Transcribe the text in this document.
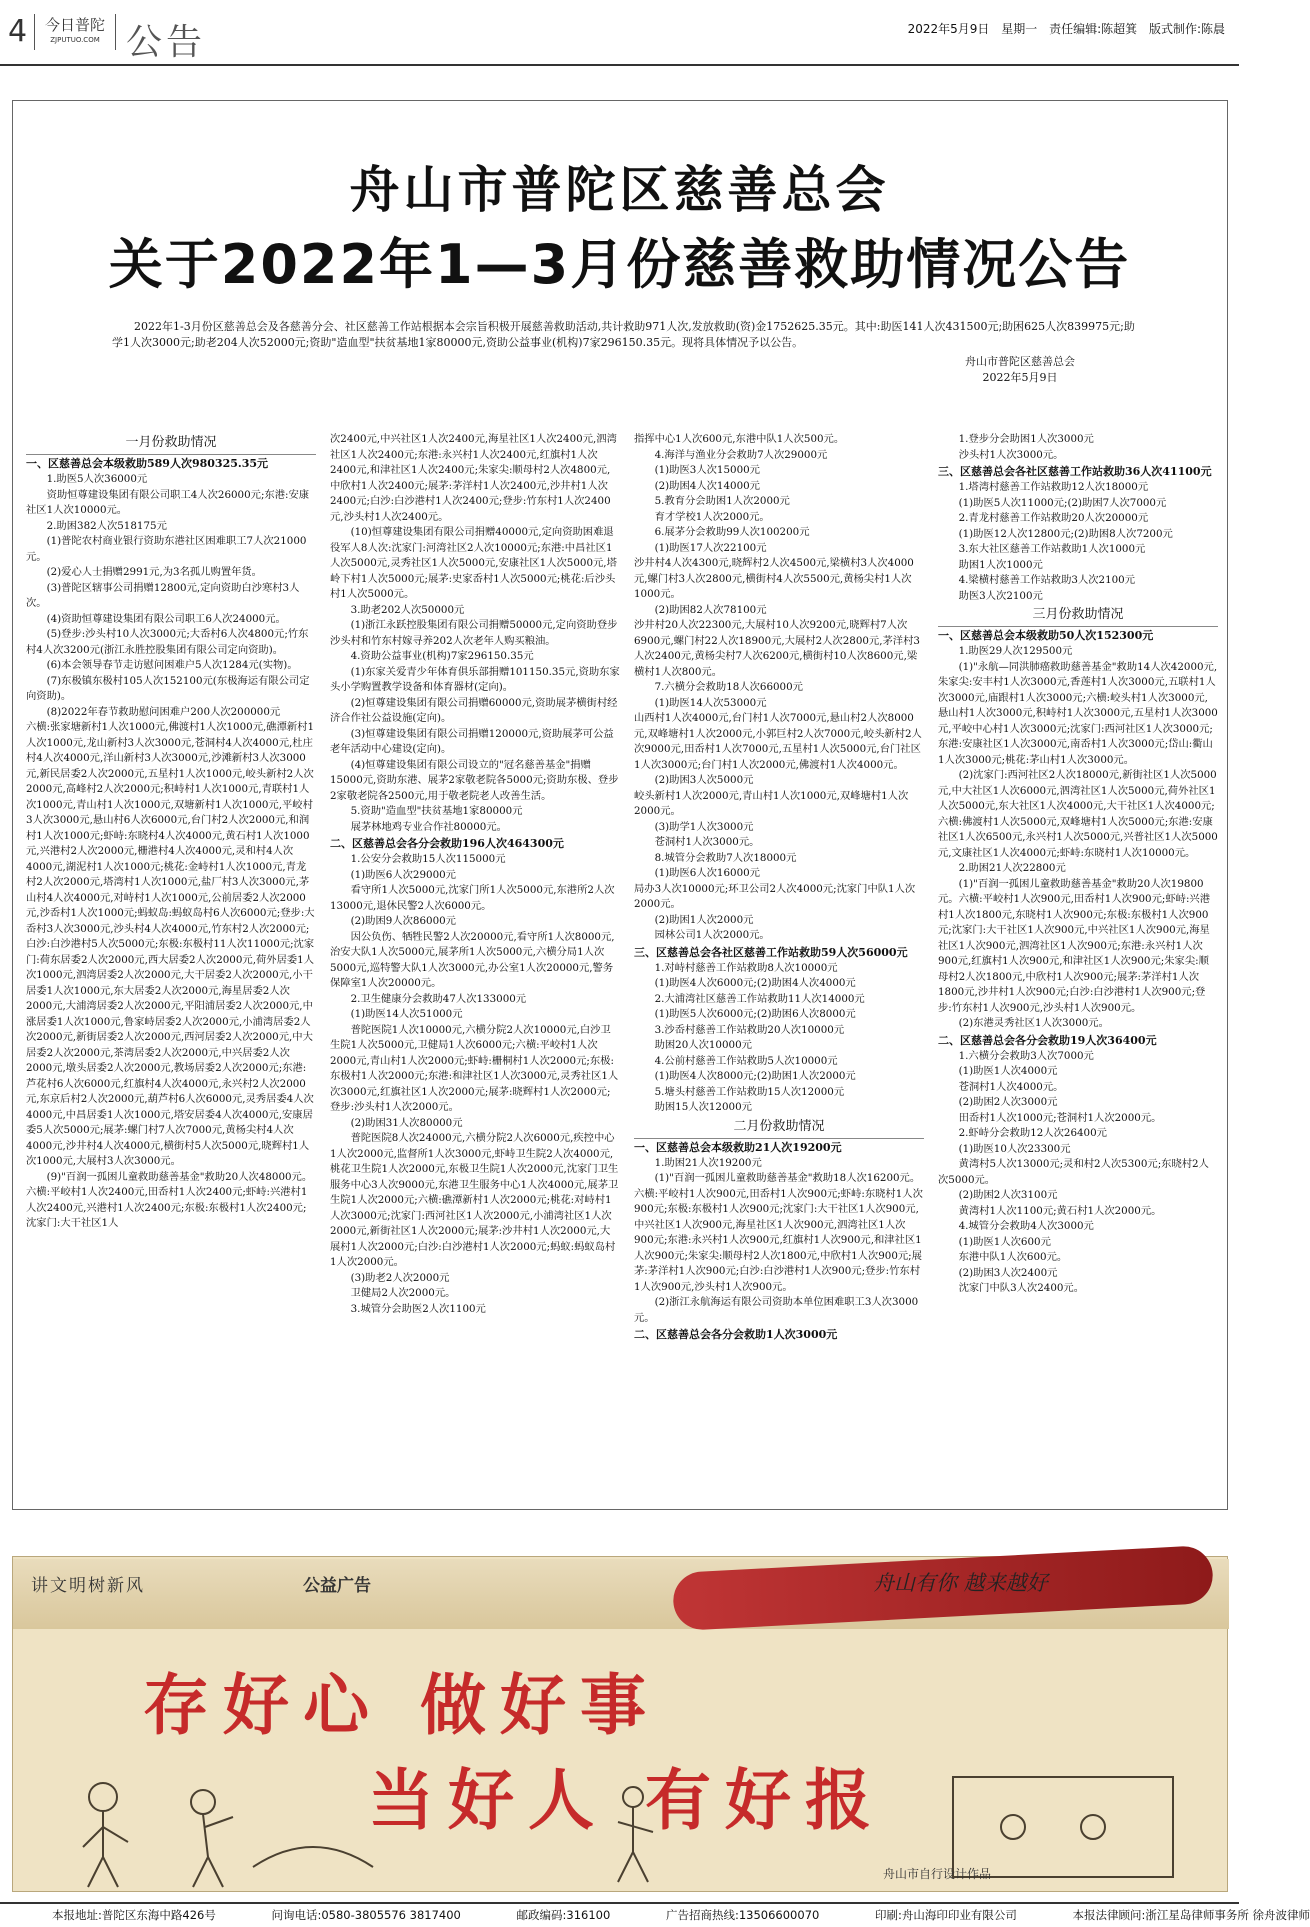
4	今日普陀
ZJPUTUO.COM 公告	2022年5月9日 星期一 责任编辑:陈超箕 版式制作:陈晨
舟山市普陀区慈善总会
关于2022年1—3月份慈善救助情况公告
2022年1-3月份区慈善总会及各慈善分会、社区慈善工作站根据本会宗旨积极开展慈善救助活动,共计救助971人次,发放救助(资)金1752625.35元。其中:助医141人次431500元;助困625人次839975元;助学1人次3000元;助老204人次52000元;资助"造血型"扶贫基地1家80000元,资助公益事业(机构)7家296150.35元。现将具体情况予以公告。
舟山市普陀区慈善总会
2022年5月9日

一月份救助情况

一、区慈善总会本级救助589人次980325.35元

1.助医5人次36000元

资助恒尊建设集团有限公司职工4人次26000元;东港:安康社区1人次10000元。

2.助困382人次518175元

(1)普陀农村商业银行资助东港社区困难职工7人次21000元。

(2)爱心人士捐赠2991元,为3名孤儿购置年货。

(3)普陀区辖事公司捐赠12800元,定向资助白沙寒村3人次。

(4)资助恒尊建设集团有限公司职工6人次24000元。

(5)登步:沙头村10人次3000元;大岙村6人次4800元;竹东村4人次3200元(浙江永胜控股集团有限公司定向资助)。

(6)本会领导春节走访慰问困难户5人次1284元(实物)。

(7)东极镇东极村105人次152100元(东极海运有限公司定向资助)。

(8)2022年春节救助慰问困难户200人次200000元

六横:张家塘新村1人次1000元,佛渡村1人次1000元,礁潭新村1人次1000元,龙山新村3人次3000元,苍洞村4人次4000元,杜庄村4人次4000元,洋山新村3人次3000元,沙滩新村3人次3000元,新民居委2人次2000元,五星村1人次1000元,峧头新村2人次2000元,高峰村2人次2000元;积峙村1人次1000元,青联村1人次1000元,青山村1人次1000元,双塘新村1人次1000元,平峧村3人次3000元,悬山村6人次6000元,台门村2人次2000元,和润村1人次1000元;虾峙:东晓村4人次4000元,黄石村1人次1000元,兴港村2人次2000元,栅港村4人次4000元,灵和村4人次4000元,湖泥村1人次1000元;桃花:金峙村1人次1000元,青龙村2人次2000元,塔湾村1人次1000元,盐厂村3人次3000元,茅山村4人次4000元,对峙村1人次1000元,公前居委2人次2000元,沙岙村1人次1000元;蚂蚁岛:蚂蚁岛村6人次6000元;登步:大岙村3人次3000元,沙头村4人次4000元,竹东村2人次2000元;白沙:白沙港村5人次5000元;东极:东极村11人次11000元;沈家门:荷东居委2人次2000元,西大居委2人次2000元,荷外居委1人次1000元,泗湾居委2人次2000元,大干居委2人次2000元,小干居委1人次1000元,东大居委2人次2000元,海星居委2人次2000元,大浦湾居委2人次2000元,平阳浦居委2人次2000元,中涨居委1人次1000元,鲁家峙居委2人次2000元,小浦湾居委2人次2000元,新街居委2人次2000元,西河居委2人次2000元,中大居委2人次2000元,茶湾居委2人次2000元,中兴居委2人次2000元,墩头居委2人次2000元,教场居委2人次2000元;东港:芦花村6人次6000元,红旗村4人次4000元,永兴村2人次2000元,东京后村2人次2000元,葫芦村6人次6000元,灵秀居委4人次4000元,中昌居委1人次1000元,塔安居委4人次4000元,安康居委5人次5000元;展茅:螺门村7人次7000元,黄杨尖村4人次4000元,沙井村4人次4000元,横街村5人次5000元,晓辉村1人次1000元,大展村3人次3000元。

(9)"百润一孤困儿童救助慈善基金"救助20人次48000元。

六横:平峧村1人次2400元,田岙村1人次2400元;虾峙:兴港村1人次2400元,兴港村1人次2400元;东极:东极村1人次2400元;沈家门:大干社区1人

次2400元,中兴社区1人次2400元,海星社区1人次2400元,泗湾社区1人次2400元;东港:永兴村1人次2400元,红旗村1人次2400元,和津社区1人次2400元;朱家尖:顺母村2人次4800元,中欣村1人次2400元;展茅:茅洋村1人次2400元,沙井村1人次2400元;白沙:白沙港村1人次2400元;登步:竹东村1人次2400元,沙头村1人次2400元。

(10)恒尊建设集团有限公司捐赠40000元,定向资助困难退役军人8人次:沈家门:河湾社区2人次10000元;东港:中昌社区1人次5000元,灵秀社区1人次5000元,安康社区1人次5000元,塔岭下村1人次5000元;展茅:史家岙村1人次5000元;桃花:后沙头村1人次5000元。

3.助老202人次50000元

(1)浙江永跃控股集团有限公司捐赠50000元,定向资助登步沙头村和竹东村嫁寻养202人次老年人购买粮油。

4.资助公益事业(机构)7家296150.35元

(1)东家关爱青少年体育俱乐部捐赠101150.35元,资助东家头小学购置教学设备和体育器材(定向)。

(2)恒尊建设集团有限公司捐赠60000元,资助展茅横街村经济合作社公益设施(定向)。

(3)恒尊建设集团有限公司捐赠120000元,资助展茅可公益老年活动中心建设(定向)。

(4)恒尊建设集团有限公司设立的"冠名慈善基金"捐赠15000元,资助东港、展茅2家敬老院各5000元;资助东极、登步2家敬老院各2500元,用于敬老院老人改善生活。

5.资助"造血型"扶贫基地1家80000元

展茅林地鸡专业合作社80000元。

二、区慈善总会各分会救助196人次464300元

1.公安分会救助15人次115000元

(1)助医6人次29000元

看守所1人次5000元,沈家门所1人次5000元,东港所2人次13000元,退休民警2人次6000元。

(2)助困9人次86000元

因公负伤、牺牲民警2人次20000元,看守所1人次8000元,治安大队1人次5000元,展茅所1人次5000元,六横分局1人次5000元,巡特警大队1人次3000元,办公室1人次20000元,警务保障室1人次20000元。

2.卫生健康分会救助47人次133000元

(1)助医14人次51000元

普陀医院1人次10000元,六横分院2人次10000元,白沙卫生院1人次5000元,卫健局1人次6000元;六横:平峧村1人次2000元,青山村1人次2000元;虾峙:栅桐村1人次2000元;东极:东极村1人次2000元;东港:和津社区1人次3000元,灵秀社区1人次3000元,红旗社区1人次2000元;展茅:晓辉村1人次2000元;登步:沙头村1人次2000元。

(2)助困31人次80000元

普陀医院8人次24000元,六横分院2人次6000元,疾控中心1人次2000元,监督所1人次3000元,虾峙卫生院2人次4000元,桃花卫生院1人次2000元,东极卫生院1人次2000元,沈家门卫生服务中心3人次9000元,东港卫生服务中心1人次4000元,展茅卫生院1人次2000元;六横:礁潭新村1人次2000元;桃花:对峙村1人次3000元;沈家门:西河社区1人次2000元,小浦湾社区1人次2000元,新街社区1人次2000元;展茅:沙井村1人次2000元,大展村1人次2000元;白沙:白沙港村1人次2000元;蚂蚁:蚂蚁岛村1人次2000元。

(3)助老2人次2000元

卫健局2人次2000元。

3.城管分会助医2人次1100元

指挥中心1人次600元,东港中队1人次500元。

4.海洋与渔业分会救助7人次29000元

(1)助医3人次15000元

(2)助困4人次14000元

5.教育分会助困1人次2000元

育才学校1人次2000元。

6.展茅分会救助99人次100200元

(1)助医17人次22100元

沙井村4人次4300元,晓辉村2人次4500元,梁横村3人次4000元,螺门村3人次2800元,横街村4人次5500元,黄杨尖村1人次1000元。

(2)助困82人次78100元

沙井村20人次22300元,大展村10人次9200元,晓辉村7人次6900元,螺门村22人次18900元,大展村2人次2800元,茅洋村3人次2400元,黄杨尖村7人次6200元,横街村10人次8600元,梁横村1人次800元。

7.六横分会救助18人次66000元

(1)助医14人次53000元

山西村1人次4000元,台门村1人次7000元,悬山村2人次8000元,双峰塘村1人次2000元,小郭巨村2人次7000元,峧头新村2人次9000元,田岙村1人次7000元,五星村1人次5000元,台门社区1人次3000元;台门村1人次2000元,佛渡村1人次4000元。

(2)助困3人次5000元

峧头新村1人次2000元,青山村1人次1000元,双峰塘村1人次2000元。

(3)助学1人次3000元

苍洞村1人次3000元。

8.城管分会救助7人次18000元

(1)助医6人次16000元

局办3人次10000元;环卫公司2人次4000元;沈家门中队1人次2000元。

(2)助困1人次2000元

园林公司1人次2000元。

三、区慈善总会各社区慈善工作站救助59人次56000元

1.对峙村慈善工作站救助8人次10000元

(1)助医4人次6000元;(2)助困4人次4000元

2.大浦湾社区慈善工作站救助11人次14000元

(1)助医5人次6000元;(2)助困6人次8000元

3.沙岙村慈善工作站救助20人次10000元

助困20人次10000元

4.公前村慈善工作站救助5人次10000元

(1)助医4人次8000元;(2)助困1人次2000元

5.塘头村慈善工作站救助15人次12000元

助困15人次12000元

二月份救助情况

一、区慈善总会本级救助21人次19200元

1.助困21人次19200元

(1)"百润一孤困儿童救助慈善基金"救助18人次16200元。六横:平峧村1人次900元,田岙村1人次900元;虾峙:东晓村1人次900元;东极:东极村1人次900元;沈家门:大干社区1人次900元,中兴社区1人次900元,海星社区1人次900元,泗湾社区1人次900元;东港:永兴村1人次900元,红旗村1人次900元,和津社区1人次900元;朱家尖:顺母村2人次1800元,中欣村1人次900元;展茅:茅洋村1人次900元;白沙:白沙港村1人次900元;登步:竹东村1人次900元,沙头村1人次900元。

(2)浙江永航海运有限公司资助本单位困难职工3人次3000元。

二、区慈善总会各分会救助1人次3000元

1.登步分会助困1人次3000元

沙头村1人次3000元。

三、区慈善总会各社区慈善工作站救助36人次41100元

1.塔湾村慈善工作站救助12人次18000元

(1)助医5人次11000元;(2)助困7人次7000元

2.青龙村慈善工作站救助20人次20000元

(1)助医12人次12800元;(2)助困8人次7200元

3.东大社区慈善工作站救助1人次1000元

助困1人次1000元

4.梁横村慈善工作站救助3人次2100元

助医3人次2100元

三月份救助情况

一、区慈善总会本级救助50人次152300元

1.助医29人次129500元

(1)"永航—同洪肺癌救助慈善基金"救助14人次42000元,朱家尖:安丰村1人次3000元,香莲村1人次3000元,五联村1人次3000元,庙跟村1人次3000元;六横:峧头村1人次3000元,悬山村1人次3000元,积峙村1人次3000元,五星村1人次3000元,平峧中心村1人次3000元;沈家门:西河社区1人次3000元;东港:安康社区1人次3000元,南岙村1人次3000元;岱山:衢山1人次3000元;桃花:茅山村1人次3000元。

(2)沈家门:西河社区2人次18000元,新街社区1人次5000元,中大社区1人次6000元,泗湾社区1人次5000元,荷外社区1人次5000元,东大社区1人次4000元,大干社区1人次4000元;六横:佛渡村1人次5000元,双峰塘村1人次5000元;东港:安康社区1人次6500元,永兴村1人次5000元,兴普社区1人次5000元,文康社区1人次4000元;虾峙:东晓村1人次10000元。

2.助困21人次22800元

(1)"百润一孤困儿童救助慈善基金"救助20人次19800元。六横:平峧村1人次900元,田岙村1人次900元;虾峙:兴港村1人次1800元,东晓村1人次900元;东极:东极村1人次900元;沈家门:大干社区1人次900元,中兴社区1人次900元,海星社区1人次900元,泗湾社区1人次900元;东港:永兴村1人次900元,红旗村1人次900元,和津社区1人次900元;朱家尖:顺母村2人次1800元,中欣村1人次900元;展茅:茅洋村1人次1800元,沙井村1人次900元;白沙:白沙港村1人次900元;登步:竹东村1人次900元,沙头村1人次900元。

(2)东港灵秀社区1人次3000元。

二、区慈善总会各分会救助19人次36400元

1.六横分会救助3人次7000元

(1)助医1人次4000元

苍洞村1人次4000元。

(2)助困2人次3000元

田岙村1人次1000元;苍洞村1人次2000元。

2.虾峙分会救助12人次26400元

(1)助医10人次23300元

黄湾村5人次13000元;灵和村2人次5300元;东晓村2人次5000元。

(2)助困2人次3100元

黄湾村1人次1100元;黄石村1人次2000元。

4.城管分会救助4人次3000元

(1)助医1人次600元

东港中队1人次600元。

(2)助困3人次2400元

沈家门中队3人次2400元。

讲文明树新风	公益广告	舟山有你 越来越好
存好心 做好事
当好人 有好报
舟山市自行设计作品
本报地址:普陀区东海中路426号	问询电话:0580-3805576 3817400	邮政编码:316100	广告招商热线:13506600070	印刷:舟山海印印业有限公司	本报法律顾问:浙江星岛律师事务所 徐舟波律师
